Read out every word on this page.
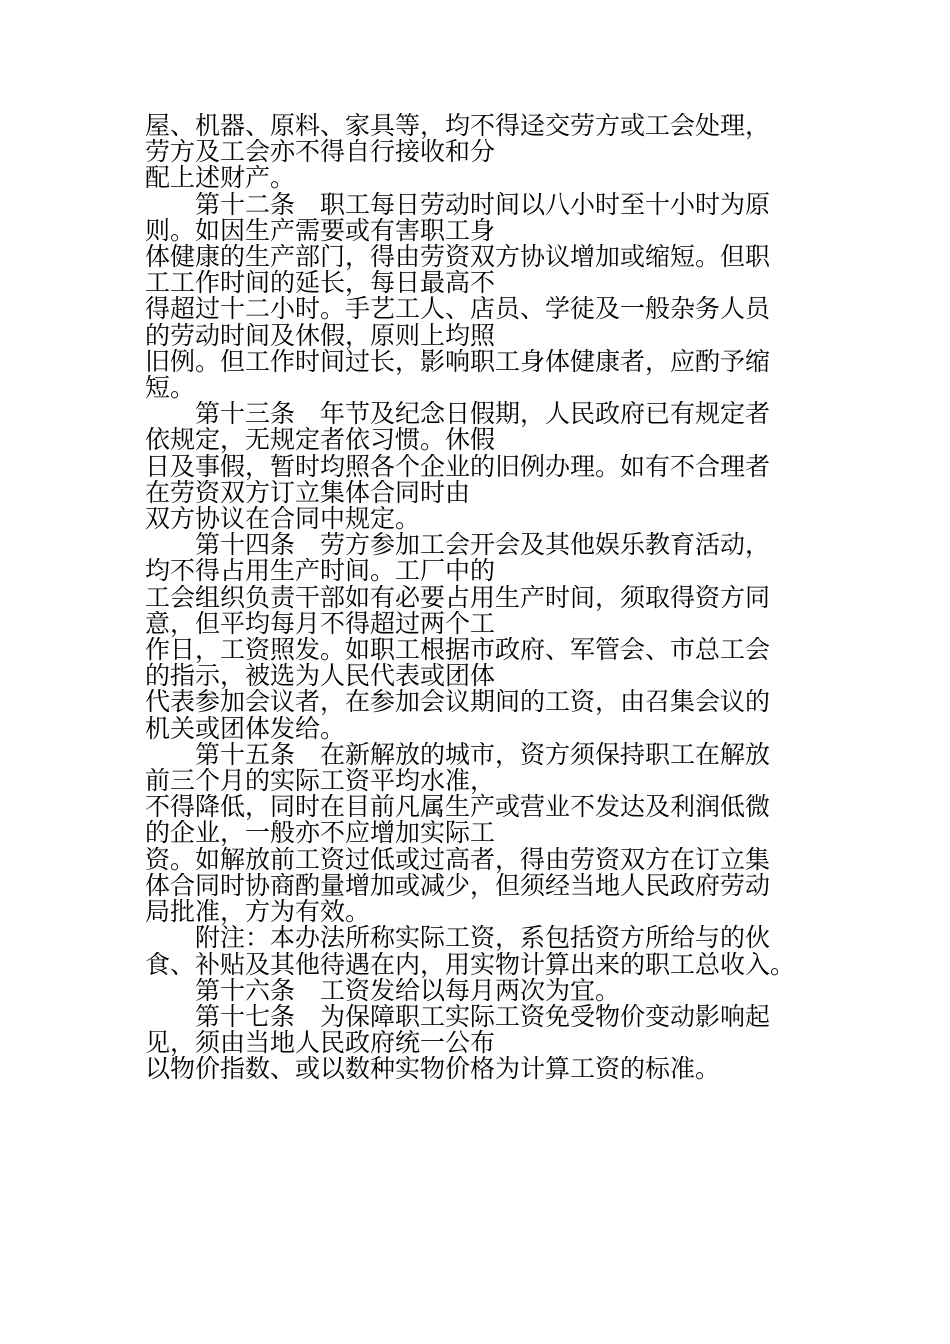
屋、机器、原料、家具等，均不得迳交劳方或工会处理，
劳方及工会亦不得自行接收和分
配上述财产。

　　第十二条　职工每日劳动时间以八小时至十小时为原
则。如因生产需要或有害职工身
体健康的生产部门，得由劳资双方协议增加或缩短。但职
工工作时间的延长，每日最高不
得超过十二小时。手艺工人、店员、学徒及一般杂务人员
的劳动时间及休假，原则上均照
旧例。但工作时间过长，影响职工身体健康者，应酌予缩
短。

　　第十三条　年节及纪念日假期，人民政府已有规定者
依规定，无规定者依习惯。休假
日及事假，暂时均照各个企业的旧例办理。如有不合理者
在劳资双方订立集体合同时由
双方协议在合同中规定。

　　第十四条　劳方参加工会开会及其他娱乐教育活动，
均不得占用生产时间。工厂中的
工会组织负责干部如有必要占用生产时间，须取得资方同
意，但平均每月不得超过两个工
作日，工资照发。如职工根据市政府、军管会、市总工会
的指示，被选为人民代表或团体
代表参加会议者，在参加会议期间的工资，由召集会议的
机关或团体发给。

　　第十五条　在新解放的城市，资方须保持职工在解放
前三个月的实际工资平均水准，
不得降低，同时在目前凡属生产或营业不发达及利润低微
的企业，一般亦不应增加实际工
资。如解放前工资过低或过高者，得由劳资双方在订立集
体合同时协商酌量增加或减少，但须经当地人民政府劳动
局批准，方为有效。

　　附注：本办法所称实际工资，系包括资方所给与的伙
食、补贴及其他待遇在内，用实物计算出来的职工总收入。

　　第十六条　工资发给以每月两次为宜。

　　第十七条　为保障职工实际工资免受物价变动影响起
见，须由当地人民政府统一公布
以物价指数、或以数种实物价格为计算工资的标准。
